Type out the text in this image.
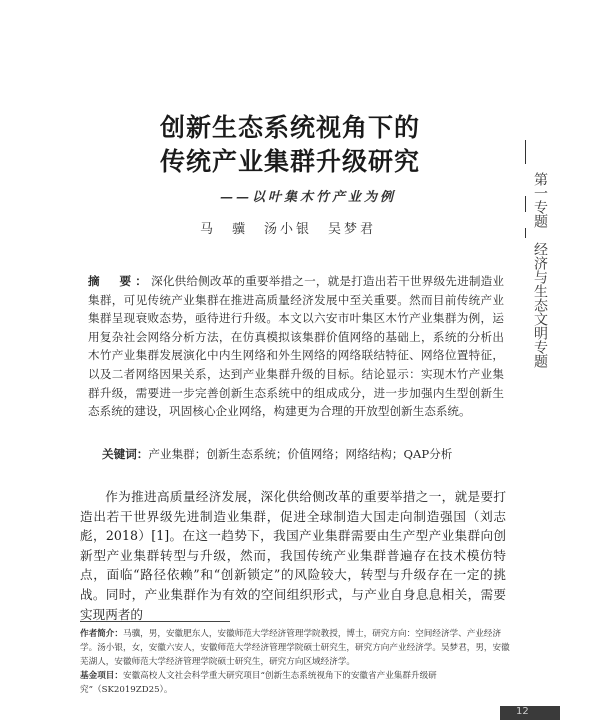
创新生态系统视角下的
传统产业集群升级研究
——以叶集木竹产业为例
马　骥　汤小银　吴梦君
摘　要：深化供给侧改革的重要举措之一，就是打造出若干世界级先进制造业集群，可见传统产业集群在推进高质量经济发展中至关重要。然而目前传统产业集群呈现衰败态势，亟待进行升级。本文以六安市叶集区木竹产业集群为例，运用复杂社会网络分析方法，在仿真模拟该集群价值网络的基础上，系统的分析出木竹产业集群发展演化中内生网络和外生网络的网络联结特征、网络位置特征，以及二者网络因果关系，达到产业集群升级的目标。结论显示：实现木竹产业集群升级，需要进一步完善创新生态系统中的组成成分，进一步加强内生型创新生态系统的建设，巩固核心企业网络，构建更为合理的开放型创新生态系统。
关键词：产业集群；创新生态系统；价值网络；网络结构；QAP分析
作为推进高质量经济发展，深化供给侧改革的重要举措之一，就是要打造出若干世界级先进制造业集群，促进全球制造大国走向制造强国（刘志彪，2018）[1]。在这一趋势下，我国产业集群需要由生产型产业集群向创新型产业集群转型与升级，然而，我国传统产业集群普遍存在技术模仿特点，面临“路径依赖”和“创新锁定”的风险较大，转型与升级存在一定的挑战。同时，产业集群作为有效的空间组织形式，与产业自身息息相关，需要实现两者的
作者简介：马骥，男，安徽肥东人，安徽师范大学经济管理学院教授，博士，研究方向：空间经济学、产业经济学。汤小银，女，安徽六安人，安徽师范大学经济管理学院硕士研究生，研究方向产业经济学。吴梦君，男，安徽芜湖人，安徽师范大学经济管理学院硕士研究生，研究方向区域经济学。
基金项目：安徽高校人文社会科学重大研究项目“创新生态系统视角下的安徽省产业集群升级研究”（SK2019ZD25）。
第一专题　经济与生态文明专题
12
